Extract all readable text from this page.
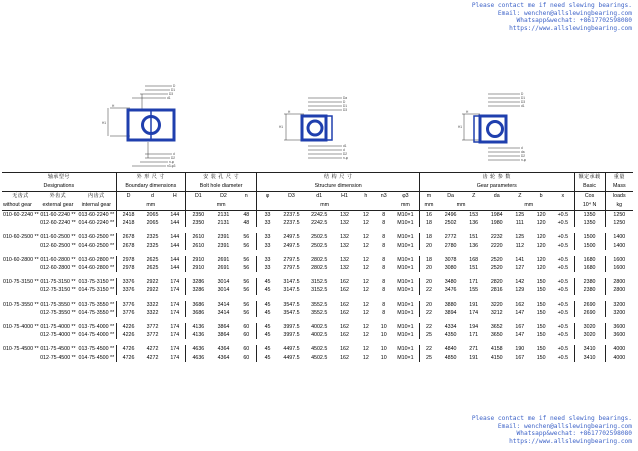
Please contact me if need slewing bearings.
Email: wenchen@allslewingbearing.com
Whatsapp&wechat: +8617702598080
https://www.allslewingbearing.com
D
D1
D3
d1
d
D2
n-φ
n3-φ3
H
H1
Da
D
D1
D3
d1
d
D2
n-φ
H
H1
D
D1
D3
d1
d
da
D2
n-φ
H
H1
轴承型号			外 形 尺 寸			安 装 孔 尺 寸			结 构 尺 寸							齿 轮 参 数							额定承载	重量
Designations			Boundary dimensions			Bolt hole diameter			Structure dimension							Gear parameters							Basic	Mass
无齿式	外齿式	内齿式	D	d	H	D1	D2	n	φ	D3	d1	H1	h	n3	φ3	m	Da	Z	da	Z	b	x	Cos	loads
without gear	external gear	internal gear	mm			mm			mm						mm	mm	mm		mm				10⁴ N	kg
010·60·2240 **	011·60·2240 **	013·60·2240 **	2418	2065	144	2350	2131	48	33	2237.5	2242.5	132	12	8	M10×1	16	2496	153	1984	125	120	+0.5	1350	1250
	012·60·2240 **	014·60·2240 **	2418	2065	144	2350	2131	48	33	2237.5	2242.5	132	12	8	M10×1	18	2502	136	1980	111	120	+0.5	1350	1250

010·60·2500 **	011·60·2500 **	013·60·2500 **	2678	2325	144	2610	2391	56	33	2497.5	2502.5	132	12	8	M10×1	18	2772	151	2232	125	120	+0.5	1500	1400
	012·60·2500 **	014·60·2500 **	2678	2325	144	2610	2391	56	33	2497.5	2502.5	132	12	8	M10×1	20	2780	136	2220	112	120	+0.5	1500	1400

010·60·2800 **	011·60·2800 **	013·60·2800 **	2978	2625	144	2910	2691	56	33	2797.5	2802.5	132	12	8	M10×1	18	3078	168	2520	141	120	+0.5	1680	1600
	012·60·2800 **	014·60·2800 **	2978	2625	144	2910	2691	56	33	2797.5	2802.5	132	12	8	M10×1	20	3080	151	2520	127	120	+0.5	1680	1600

010·75·3150 **	011·75·3150 **	013·75·3150 **	3376	2922	174	3286	3014	56	45	3147.5	3152.5	162	12	8	M10×1	20	3480	171	2820	142	150	+0.5	2380	2800
	012·75·3150 **	014·75·3150 **	3376	2922	174	3286	3014	56	45	3147.5	3152.5	162	12	8	M10×1	22	3476	155	2816	129	150	+0.5	2380	2800

010·75·3550 **	011·75·3550 **	013·75·3550 **	3776	3322	174	3686	3414	56	45	3547.5	3552.5	162	12	8	M10×1	20	3880	191	3220	162	150	+0.5	2690	3200
	012·75·3550 **	014·75·3550 **	3776	3322	174	3686	3414	56	45	3547.5	3552.5	162	12	8	M10×1	22	3894	174	3212	147	150	+0.5	2690	3200

010·75·4000 **	011·75·4000 **	013·75·4000 **	4226	3772	174	4136	3864	60	45	3997.5	4002.5	162	12	10	M10×1	22	4334	194	3652	167	150	+0.5	3020	3600
	012·75·4000 **	014·75·4000 **	4226	3772	174	4136	3864	60	45	3997.5	4002.5	162	12	10	M10×1	25	4350	171	3650	147	150	+0.5	3020	3600

010·75·4500 **	011·75·4500 **	013·75·4500 **	4726	4272	174	4636	4364	60	45	4497.5	4502.5	162	12	10	M10×1	22	4840	271	4158	190	150	+0.5	3410	4000
	012·75·4500 **	014·75·4500 **	4726	4272	174	4636	4364	60	45	4497.5	4502.5	162	12	10	M10×1	25	4850	191	4150	167	150	+0.5	3410	4000
Please contact me if need slewing bearings.
Email: wenchen@allslewingbearing.com
Whatsapp&wechat: +8617702598080
https://www.allslewingbearing.com
